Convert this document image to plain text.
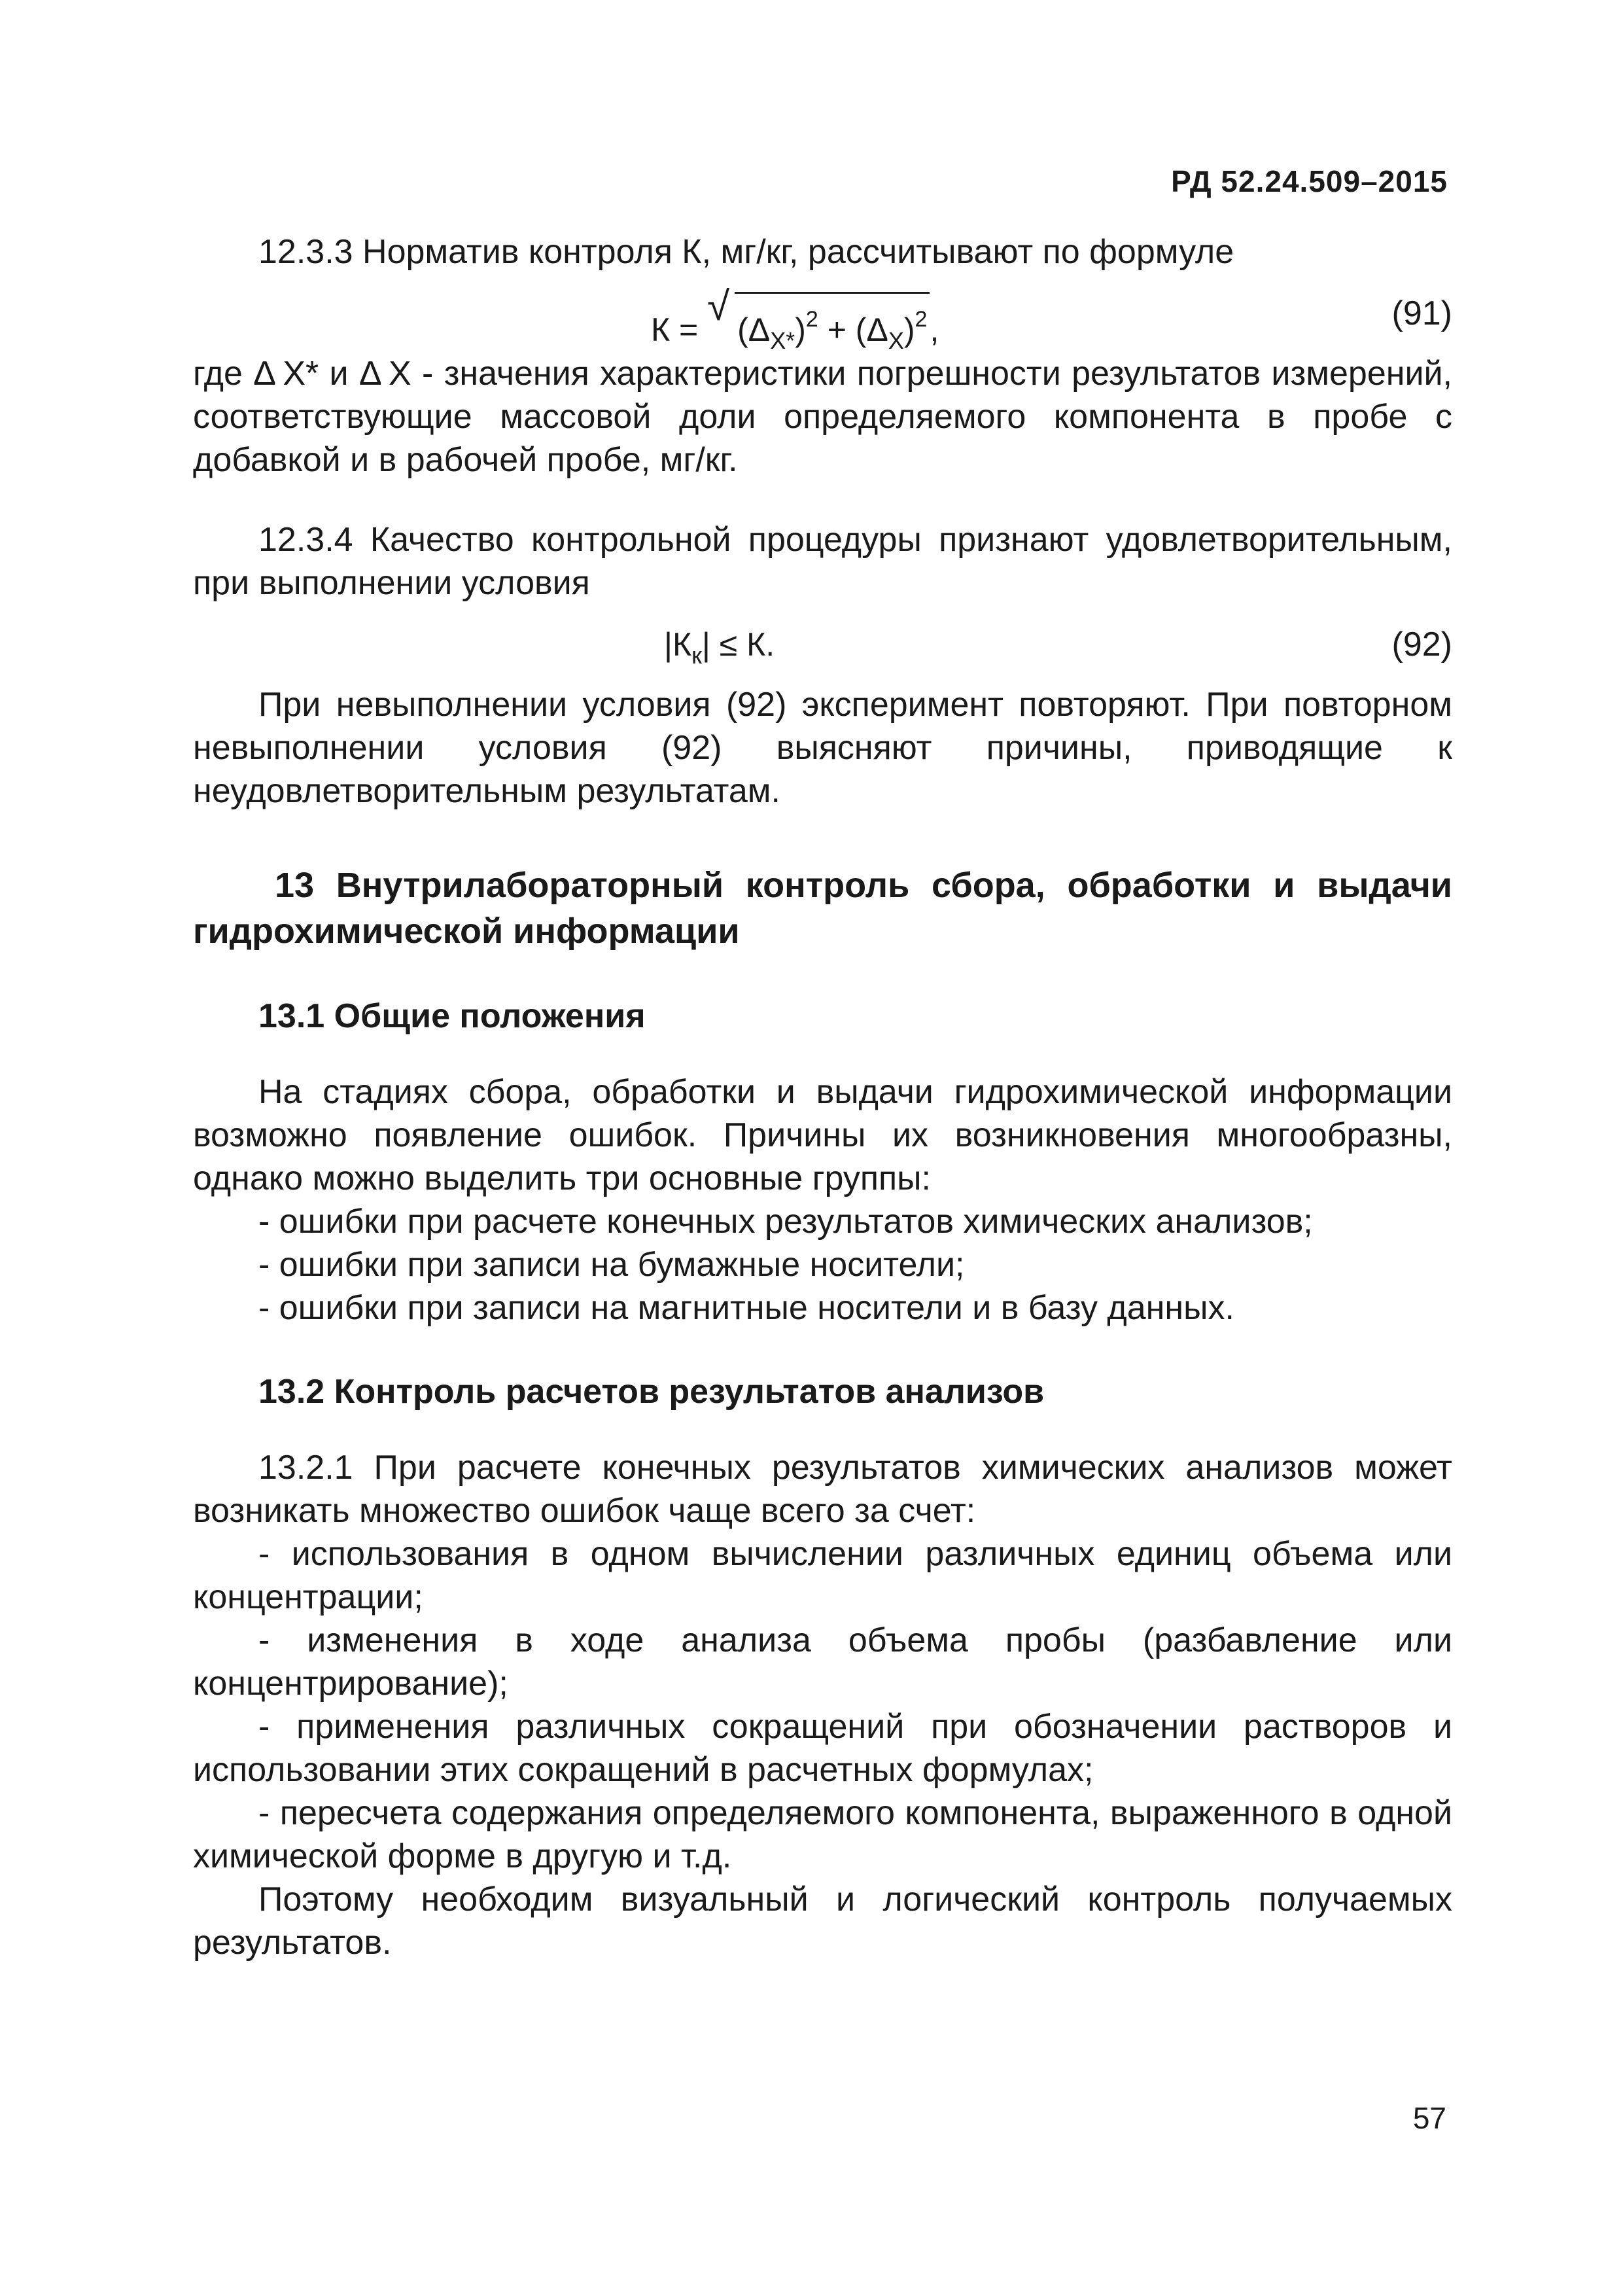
РД 52.24.509–2015

12.3.3 Норматив контроля К, мг/кг, рассчитывают по формуле

К =
√
$(\Delta_{X*})^2 + (\Delta_X)^2$,	(91)

где Δ X* и Δ X - значения характеристики погрешности результатов измерений, соответствующие массовой доли определяемого компонента в пробе с добавкой и в рабочей пробе, мг/кг.

12.3.4 Качество контрольной процедуры признают удовлетворительным, при выполнении условия

$|К_к| \le К$.	(92)

При невыполнении условия (92) эксперимент повторяют. При повторном невыполнении условия (92) выясняют причины, приводящие к неудовлетворительным результатам.

13 Внутрилабораторный контроль сбора, обработки и выдачи гидрохимической информации

13.1 Общие положения

На стадиях сбора, обработки и выдачи гидрохимической информации возможно появление ошибок. Причины их возникновения многообразны, однако можно выделить три основные группы:

- ошибки при расчете конечных результатов химических анализов;
- ошибки при записи на бумажные носители;
- ошибки при записи на магнитные носители и в базу данных.
13.2 Контроль расчетов результатов анализов

13.2.1 При расчете конечных результатов химических анализов может возникать множество ошибок чаще всего за счет:

- использования в одном вычислении различных единиц объема или концентрации;

- изменения в ходе анализа объема пробы (разбавление или концентрирование);

- применения различных сокращений при обозначении растворов и использовании этих сокращений в расчетных формулах;

- пересчета содержания определяемого компонента, выраженного в одной химической форме в другую и т.д.

Поэтому необходим визуальный и логический контроль получаемых результатов.

57
